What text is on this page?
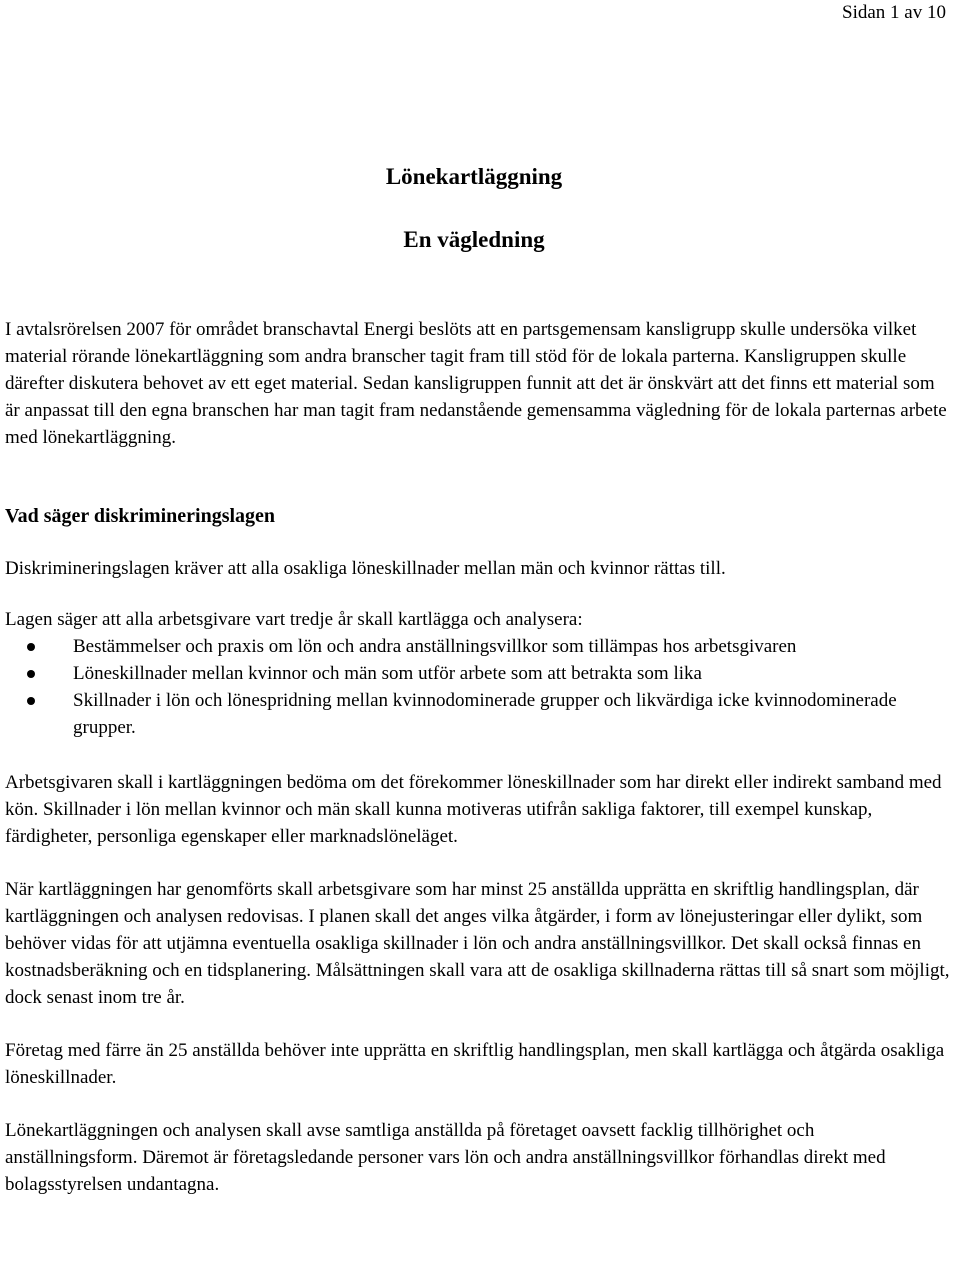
Sidan 1 av 10
Lönekartläggning
En vägledning

I avtalsrörelsen 2007 för området branschavtal Energi beslöts att en partsgemensam kansligrupp skulle undersöka vilket material rörande lönekartläggning som andra branscher tagit fram till stöd för de lokala parterna. Kansligruppen skulle därefter diskutera behovet av ett eget material. Sedan kansligruppen funnit att det är önskvärt att det finns ett material som är anpassat till den egna branschen har man tagit fram nedanstående gemensamma vägledning för de lokala parternas arbete med lönekartläggning.

Vad säger diskrimineringslagen

Diskrimineringslagen kräver att alla osakliga löneskillnader mellan män och kvinnor rättas till.

Lagen säger att alla arbetsgivare vart tredje år skall kartlägga och analysera:

Bestämmelser och praxis om lön och andra anställningsvillkor som tillämpas hos arbetsgivaren
Löneskillnader mellan kvinnor och män som utför arbete som att betrakta som lika
Skillnader i lön och lönespridning mellan kvinnodominerade grupper och likvärdiga icke kvinnodominerade grupper.

Arbetsgivaren skall i kartläggningen bedöma om det förekommer löneskillnader som har direkt eller indirekt samband med kön. Skillnader i lön mellan kvinnor och män skall kunna motiveras utifrån sakliga faktorer, till exempel kunskap, färdigheter, personliga egenskaper eller marknadslöneläget.

När kartläggningen har genomförts skall arbetsgivare som har minst 25 anställda upprätta en skriftlig handlingsplan, där kartläggningen och analysen redovisas. I planen skall det anges vilka åtgärder, i form av lönejusteringar eller dylikt, som behöver vidas för att utjämna eventuella osakliga skillnader i lön och andra anställningsvillkor. Det skall också finnas en kostnadsberäkning och en tidsplanering. Målsättningen skall vara att de osakliga skillnaderna rättas till så snart som möjligt, dock senast inom tre år.

Företag med färre än 25 anställda behöver inte upprätta en skriftlig handlingsplan, men skall kartlägga och åtgärda osakliga löneskillnader.

Lönekartläggningen och analysen skall avse samtliga anställda på företaget oavsett facklig tillhörighet och anställningsform. Däremot är företagsledande personer vars lön och andra anställningsvillkor förhandlas direkt med bolagsstyrelsen undantagna.
